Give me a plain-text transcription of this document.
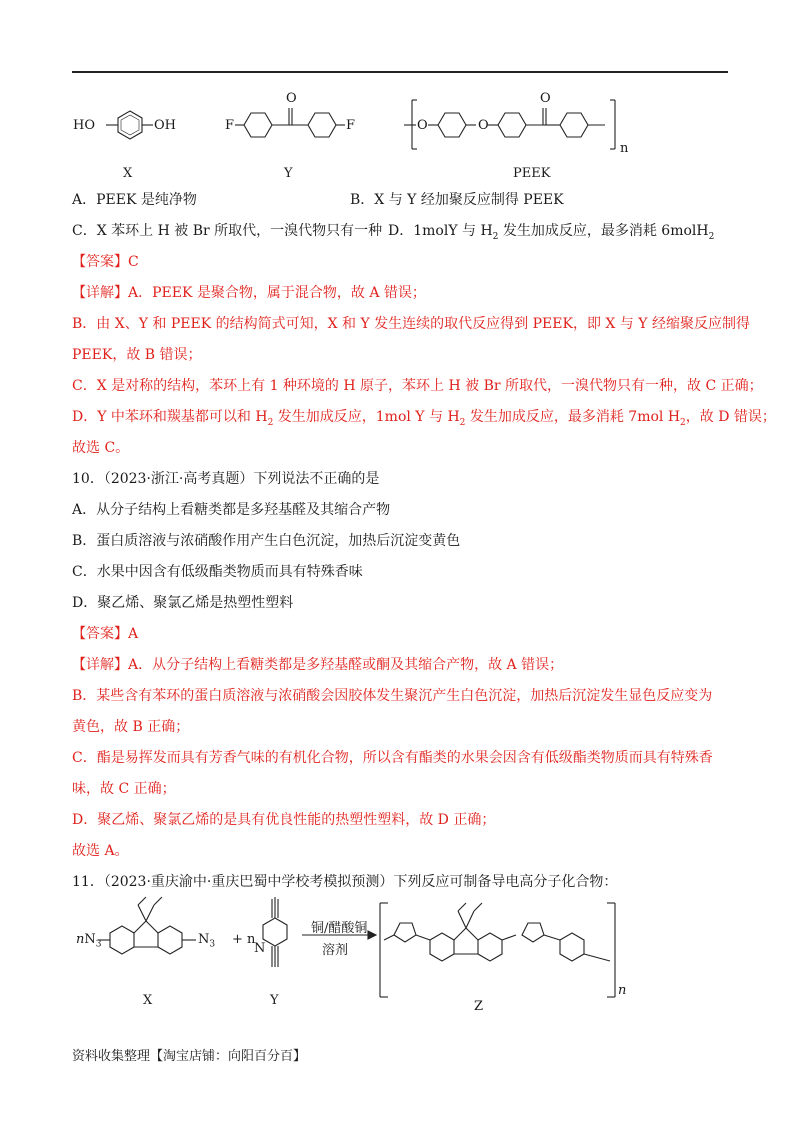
HO	OH	F	F
O
O	O
O
n
X	Y	PEEK
A．PEEK 是纯净物	B．X 与 Y 经加聚反应制得 PEEK
C．X 苯环上 H 被 Br 所取代，一溴代物只有一种 D．1molY 与 $H_2$ 发生加成反应，最多消耗 6molH$_2$
【答案】C
【详解】A．PEEK 是聚合物，属于混合物，故 A 错误；
B．由 X、Y 和 PEEK 的结构简式可知，X 和 Y 发生连续的取代反应得到 PEEK，即 X 与 Y 经缩聚反应制得
PEEK，故 B 错误；
C．X 是对称的结构，苯环上有 1 种环境的 H 原子，苯环上 H 被 Br 所取代，一溴代物只有一种，故 C 正确；
D．Y 中苯环和羰基都可以和 $H_2$ 发生加成反应，1mol Y 与 $H_2$ 发生加成反应，最多消耗 7mol $H_2$，故 D 错误；
故选 C。
10．（2023·浙江·高考真题）下列说法不正确的是
A．从分子结构上看糖类都是多羟基醛及其缩合产物
B．蛋白质溶液与浓硝酸作用产生白色沉淀，加热后沉淀变黄色
C．水果中因含有低级酯类物质而具有特殊香味
D．聚乙烯、聚氯乙烯是热塑性塑料
【答案】A
【详解】A．从分子结构上看糖类都是多羟基醛或酮及其缩合产物，故 A 错误；
B．某些含有苯环的蛋白质溶液与浓硝酸会因胶体发生聚沉产生白色沉淀，加热后沉淀发生显色反应变为
黄色，故 B 正确；
C．酯是易挥发而具有芳香气味的有机化合物，所以含有酯类的水果会因含有低级酯类物质而具有特殊香
味，故 C 正确；
D．聚乙烯、聚氯乙烯的是具有优良性能的热塑性塑料，故 D 正确；
故选 A。
11．（2023·重庆渝中·重庆巴蜀中学校考模拟预测）下列反应可制备导电高分子化合物：
$nN_3$	$N_3 + n$
N
铜/醋酸铜
溶剂
n
X	Y	Z
资料收集整理【淘宝店铺：向阳百分百】
